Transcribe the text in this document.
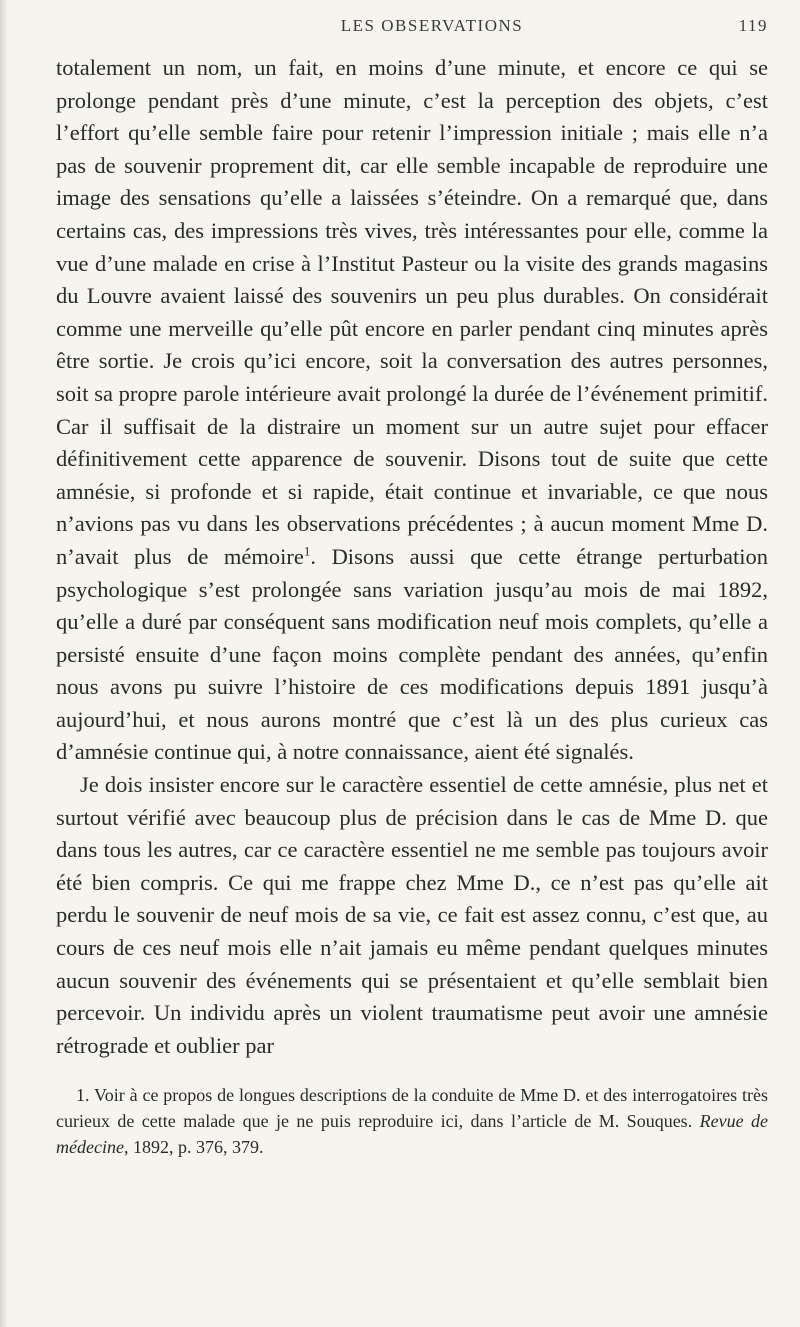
LES OBSERVATIONS	119

totalement un nom, un fait, en moins d’une minute, et encore ce qui se prolonge pendant près d’une minute, c’est la perception des objets, c’est l’effort qu’elle semble faire pour retenir l’impression initiale ; mais elle n’a pas de souvenir proprement dit, car elle semble incapable de reproduire une image des sensations qu’elle a laissées s’éteindre. On a remarqué que, dans certains cas, des impressions très vives, très intéressantes pour elle, comme la vue d’une malade en crise à l’Institut Pasteur ou la visite des grands magasins du Louvre avaient laissé des souvenirs un peu plus durables. On considérait comme une merveille qu’elle pût encore en parler pendant cinq minutes après être sortie. Je crois qu’ici encore, soit la conversation des autres personnes, soit sa propre parole intérieure avait prolongé la durée de l’événement primitif. Car il suffisait de la distraire un moment sur un autre sujet pour effacer définitivement cette apparence de souvenir. Disons tout de suite que cette amnésie, si profonde et si rapide, était continue et invariable, ce que nous n’avions pas vu dans les observations précédentes ; à aucun moment Mme D. n’avait plus de mémoire$^1$. Disons aussi que cette étrange perturbation psychologique s’est prolongée sans variation jusqu’au mois de mai 1892, qu’elle a duré par conséquent sans modification neuf mois complets, qu’elle a persisté ensuite d’une façon moins complète pendant des années, qu’enfin nous avons pu suivre l’histoire de ces modifications depuis 1891 jusqu’à aujourd’hui, et nous aurons montré que c’est là un des plus curieux cas d’amnésie continue qui, à notre connaissance, aient été signalés.

Je dois insister encore sur le caractère essentiel de cette amnésie, plus net et surtout vérifié avec beaucoup plus de précision dans le cas de Mme D. que dans tous les autres, car ce caractère essentiel ne me semble pas toujours avoir été bien compris. Ce qui me frappe chez Mme D., ce n’est pas qu’elle ait perdu le souvenir de neuf mois de sa vie, ce fait est assez connu, c’est que, au cours de ces neuf mois elle n’ait jamais eu même pendant quelques minutes aucun souvenir des événements qui se présentaient et qu’elle semblait bien percevoir. Un individu après un violent traumatisme peut avoir une amnésie rétrograde et oublier par

1. Voir à ce propos de longues descriptions de la conduite de Mme D. et des interrogatoires très curieux de cette malade que je ne puis reproduire ici, dans l’article de M. Souques. Revue de médecine, 1892, p. 376, 379.
